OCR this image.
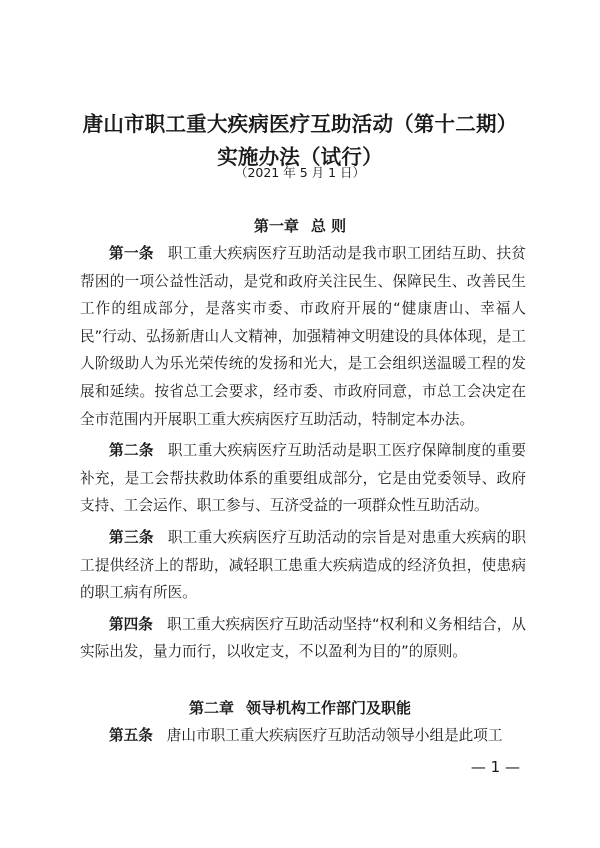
唐山市职工重大疾病医疗互助活动（第十二期）
实施办法（试行）
（2021 年 5 月 1 日）
第一章 总 则

第一条 职工重大疾病医疗互助活动是我市职工团结互助、扶贫帮困的一项公益性活动，是党和政府关注民生、保障民生、改善民生工作的组成部分，是落实市委、市政府开展的“健康唐山、幸福人民”行动、弘扬新唐山人文精神，加强精神文明建设的具体体现，是工人阶级助人为乐光荣传统的发扬和光大，是工会组织送温暖工程的发展和延续。按省总工会要求，经市委、市政府同意，市总工会决定在全市范围内开展职工重大疾病医疗互助活动，特制定本办法。

第二条 职工重大疾病医疗互助活动是职工医疗保障制度的重要补充，是工会帮扶救助体系的重要组成部分，它是由党委领导、政府支持、工会运作、职工参与、互济受益的一项群众性互助活动。

第三条 职工重大疾病医疗互助活动的宗旨是对患重大疾病的职工提供经济上的帮助，减轻职工患重大疾病造成的经济负担，使患病的职工病有所医。

第四条 职工重大疾病医疗互助活动坚持“权利和义务相结合，从实际出发，量力而行，以收定支，不以盈利为目的”的原则。

第二章 领导机构工作部门及职能

第五条 唐山市职工重大疾病医疗互助活动领导小组是此项工

— 1 —
